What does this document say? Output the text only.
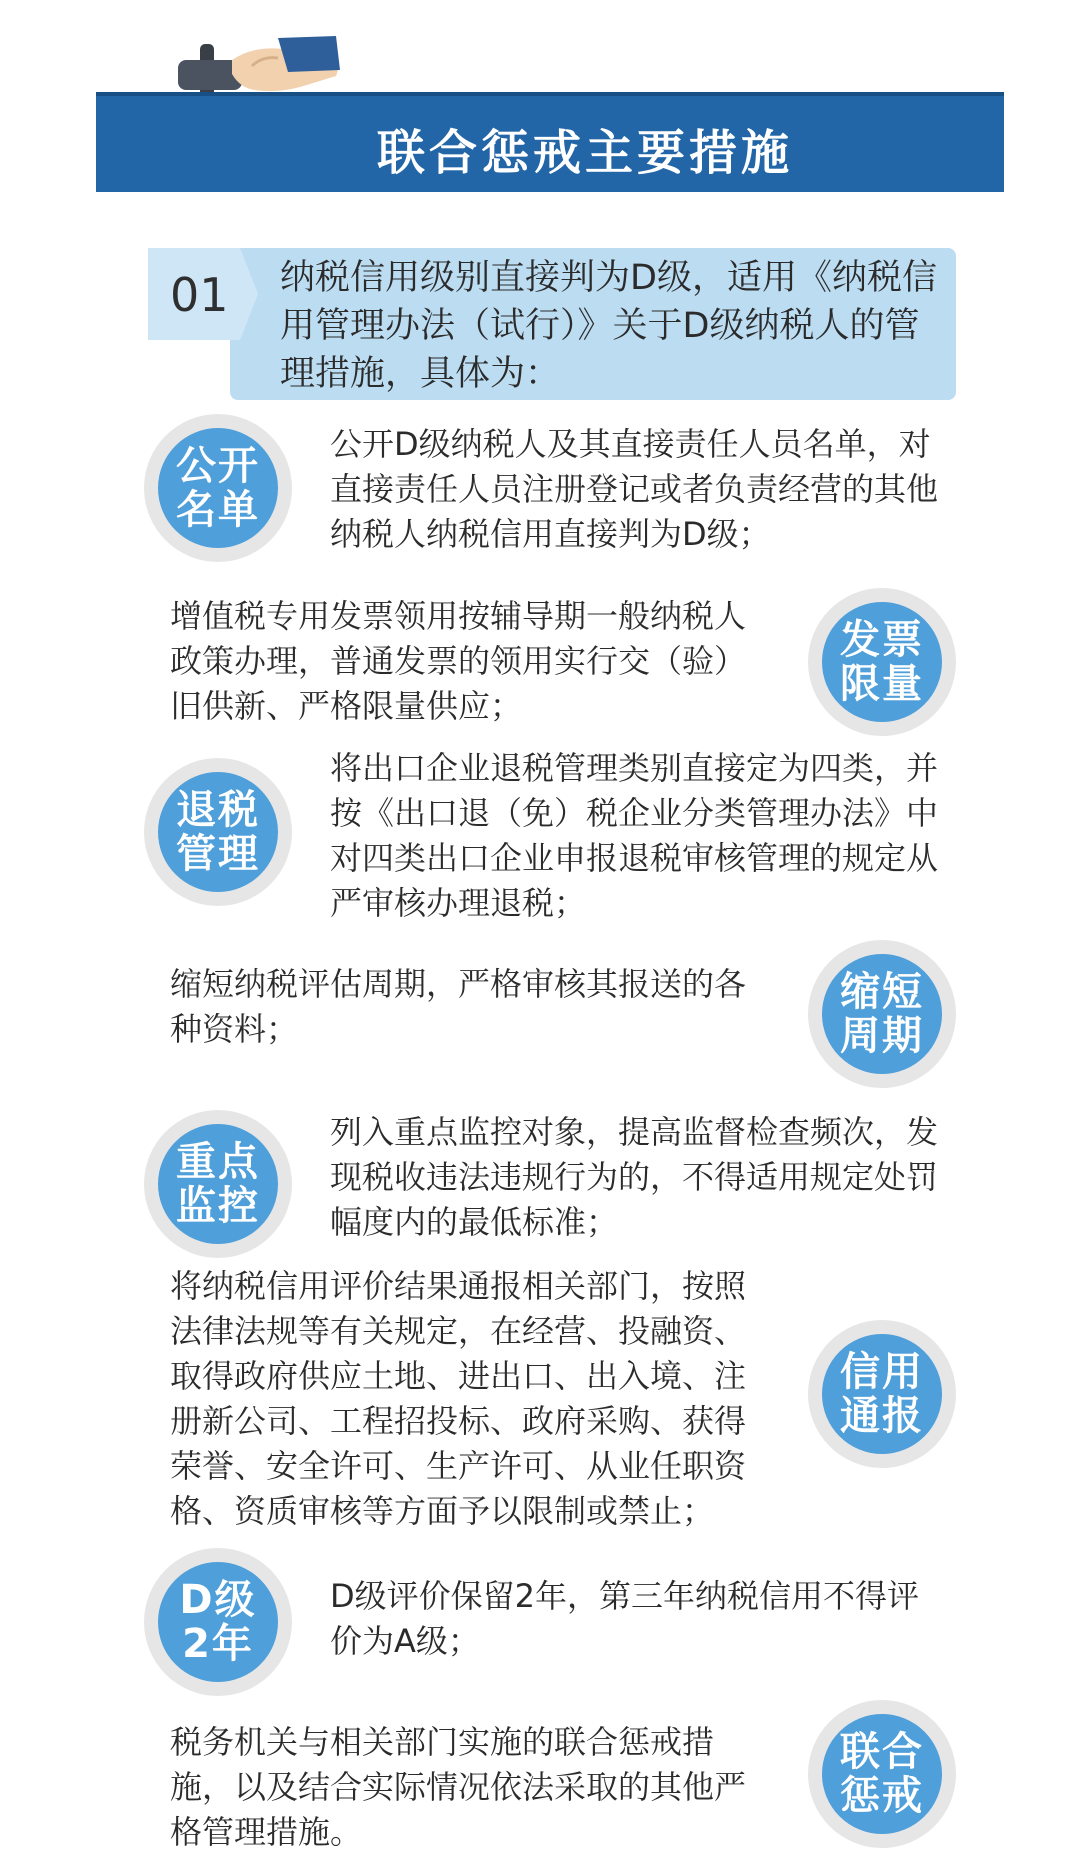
联合惩戒主要措施
01 纳税信用级别直接判为D级，适用《纳税信用管理办法（试行）》关于D级纳税人的管理措施，具体为：
公开名单
公开D级纳税人及其直接责任人员名单，对直接责任人员注册登记或者负责经营的其他纳税人纳税信用直接判为D级；
发票限量
增值税专用发票领用按辅导期一般纳税人政策办理，普通发票的领用实行交（验）旧供新、严格限量供应；
退税管理
将出口企业退税管理类别直接定为四类，并按《出口退（免）税企业分类管理办法》中对四类出口企业申报退税审核管理的规定从严审核办理退税；
缩短周期
缩短纳税评估周期，严格审核其报送的各种资料；
重点监控
列入重点监控对象，提高监督检查频次，发现税收违法违规行为的，不得适用规定处罚幅度内的最低标准；
信用通报
将纳税信用评价结果通报相关部门，按照法律法规等有关规定，在经营、投融资、取得政府供应土地、进出口、出入境、注册新公司、工程招投标、政府采购、获得荣誉、安全许可、生产许可、从业任职资格、资质审核等方面予以限制或禁止；
D级2年
D级评价保留2年，第三年纳税信用不得评价为A级；
联合惩戒
税务机关与相关部门实施的联合惩戒措施，以及结合实际情况依法采取的其他严格管理措施。
